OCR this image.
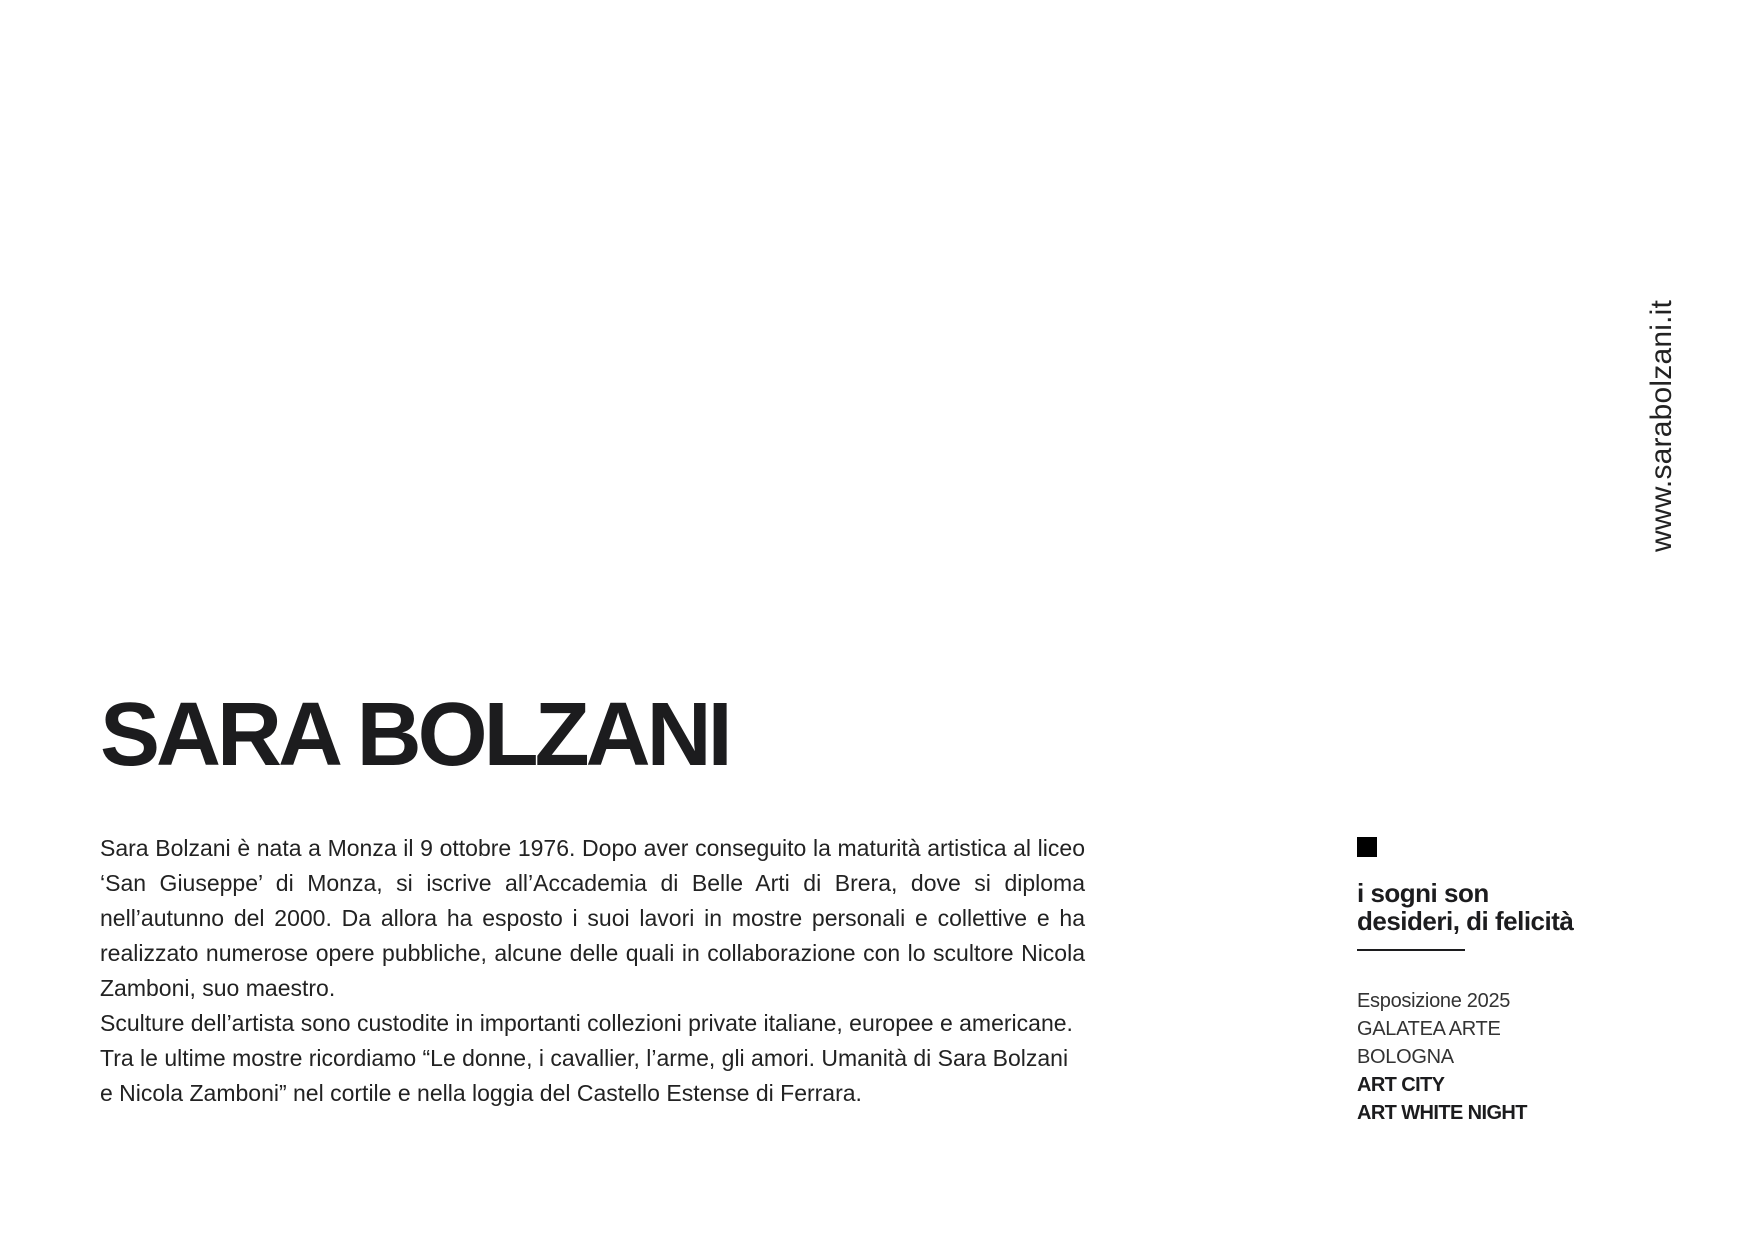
www.sarabolzani.it
SARA BOLZANI

Sara Bolzani è nata a Monza il 9 ottobre 1976. Dopo aver conseguito la maturità artistica al liceo ‘San Giuseppe’ di Monza, si iscrive all’Accademia di Belle Arti di Brera, dove si diploma nell’autunno del 2000. Da allora ha esposto i suoi lavori in mostre personali e collettive e ha realizzato numerose opere pubbliche, alcune delle quali in collaborazione con lo scultore Nicola Zamboni, suo maestro.

Sculture dell’artista sono custodite in importanti collezioni private italiane, europee e americane.

Tra le ultime mostre ricordiamo “Le donne, i cavallier, l’arme, gli amori. Umanità di Sara Bolzani e Nicola Zamboni” nel cortile e nella loggia del Castello Estense di Ferrara.

i sogni son
desideri, di felicità
Esposizione 2025
GALATEA ARTE
BOLOGNA
ART CITY
ART WHITE NIGHT
